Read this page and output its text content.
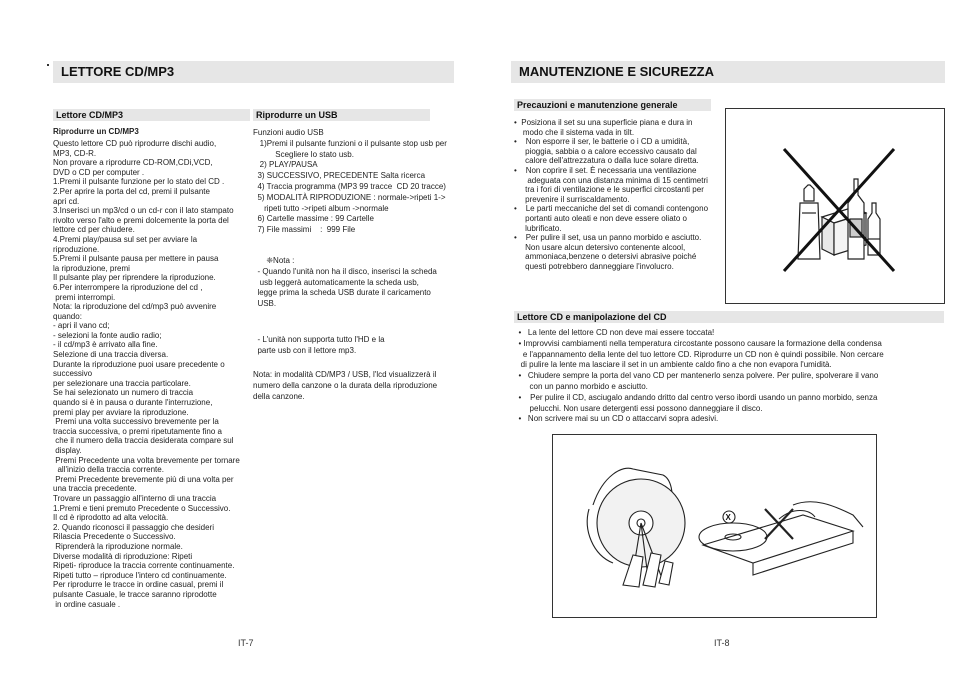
LETTORE CD/MP3
Lettore CD/MP3
Riprodurre un CD/MP3
Questo lettore CD può riprodurre dischi audio,
MP3, CD-R.
Non provare a riprodurre CD-ROM,CDi,VCD,
DVD o CD per computer .
1.Premi il pulsante funzione per lo stato del CD .
2.Per aprire la porta del cd, premi il pulsante
apri cd.
3.Inserisci un mp3/cd o un cd-r con il lato stampato
rivolto verso l'alto e premi dolcemente la porta del
lettore cd per chiudere.
4.Premi play/pausa sul set per avviare la
riproduzione.
5.Premi il pulsante pausa per mettere in pausa
la riproduzione, premi
Il pulsante play per riprendere la riproduzione.
6.Per interrompere la riproduzione del cd ,
premi interrompi.
Nota: la riproduzione del cd/mp3 può avvenire
quando:
- apri il vano cd;
- selezioni la fonte audio radio;
- il cd/mp3 è arrivato alla fine.
Selezione di una traccia diversa.
Durante la riproduzione puoi usare precedente o
successivo
per selezionare una traccia particolare.
Se hai selezionato un numero di traccia
quando si è in pausa o durante l'interruzione,
premi play per avviare la riproduzione.
Premi una volta successivo brevemente per la
traccia successiva, o premi ripetutamente fino a
che il numero della traccia desiderata compare sul
display.
Premi Precedente una volta brevemente per tornare
all'inizio della traccia corrente.
Premi Precedente brevemente più di una volta per
una traccia precedente.
Trovare un passaggio all'interno di una traccia
1.Premi e tieni premuto Precedente o Successivo.
Il cd è riprodotto ad alta velocità.
2. Quando riconosci il passaggio che desideri
Rilascia Precedente o Successivo.
Riprenderà la riproduzione normale.
Diverse modalità di riproduzione: Ripeti
Ripeti- riproduce la traccia corrente continuamente.
Ripeti tutto – riproduce l'intero cd continuamente.
Per riprodurre le tracce in ordine casual, premi il
pulsante Casuale, le tracce saranno riprodotte
in ordine casuale .
Riprodurre un USB
Funzioni audio USB
1)Premi il pulsante funzioni o il pulsante stop usb per
Scegliere lo stato usb.
2) PLAY/PAUSA
3) SUCCESSIVO, PRECEDENTE Salta ricerca
4) Traccia programma (MP3 99 tracce  CD 20 tracce)
5) MODALITÀ RIPRODUZIONE : normale->ripeti 1->
ripeti tutto ->ripeti album ->normale
6) Cartelle massime : 99 Cartelle
7) File massimi    :  999 File
❈Nota :
- Quando l'unità non ha il disco, inserisci la scheda
usb leggerà automaticamente la scheda usb,
legge prima la scheda USB durate il caricamento
USB.
- L'unità non supporta tutto l'HD e la
parte usb con il lettore mp3.
Nota: in modalità CD/MP3 / USB, l'lcd visualizzerà il
numero della canzone o la durata della riproduzione
della canzone.
IT-7
MANUTENZIONE E SICUREZZA
Precauzioni e manutenzione generale
•  Posiziona il set su una superficie piana e dura in
modo che il sistema vada in tilt.
•    Non esporre il ser, le batterie o i CD a umidità,
pioggia, sabbia o a calore eccessivo causato dal
calore dell'attrezzatura o dalla luce solare diretta.
•    Non coprire il set. È necessaria una ventilazione
adeguata con una distanza minima di 15 centimetri
tra i fori di ventilazione e le superfici circostanti per
prevenire il surriscaldamento.
•    Le parti meccaniche del set di comandi contengono
portanti auto oleati e non deve essere oliato o
lubrificato.
•    Per pulire il set, usa un panno morbido e asciutto.
Non usare alcun detersivo contenente alcool,
ammoniaca,benzene o detersivi abrasive poiché
questi potrebbero danneggiare l'involucro.
Lettore CD e manipolazione del CD
•   La lente del lettore CD non deve mai essere toccata!
• Improvvisi cambiamenti nella temperatura circostante possono causare la formazione della condensa
e l'appannamento della lente del tuo lettore CD. Riprodurre un CD non è quindi possibile. Non cercare
di pulire la lente ma lasciare il set in un ambiente caldo fino a che non evapora l'umidità.
•   Chiudere sempre la porta del vano CD per mantenerlo senza polvere. Per pulire, spolverare il vano
con un panno morbido e asciutto.
•    Per pulire il CD, asciugalo andando dritto dal centro verso ibordi usando un panno morbido, senza
pelucchi. Non usare detergenti essi possono danneggiare il disco.
•   Non scrivere mai su un CD o attaccarvi sopra adesivi.
X
IT-8
